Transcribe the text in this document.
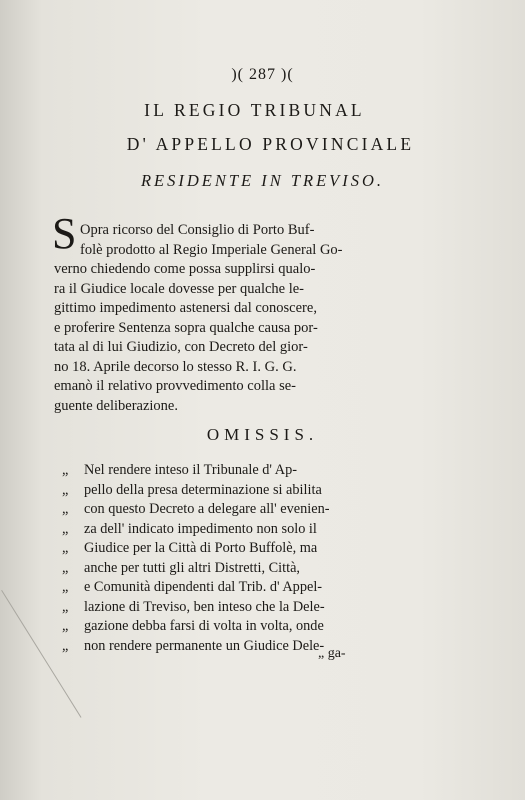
)( 287 )(
IL REGIO TRIBUNAL
D' APPELLO PROVINCIALE
RESIDENTE IN TREVISO.
S Opra ricorso del Consiglio di Porto Buf-
folè prodotto al Regio Imperiale General Go-
verno chiedendo come possa supplirsi qualo-
ra il Giudice locale dovesse per qualche le-
gittimo impedimento astenersi dal conoscere,
e proferire Sentenza sopra qualche causa por-
tata al di lui Giudizio, con Decreto del gior-
no 18. Aprile decorso lo stesso R. I. G. G.
emanò il relativo provvedimento colla se-
guente deliberazione.
OMISSIS.
„	Nel rendere inteso il Tribunale d' Ap-
„	pello della presa determinazione si abilita
„	con questo Decreto a delegare all' evenien-
„	za dell' indicato impedimento non solo il
„	Giudice per la Città di Porto Buffolè, ma
„	anche per tutti gli altri Distretti, Città,
„	e Comunità dipendenti dal Trib. d' Appel-
„	lazione di Treviso, ben inteso che la Dele-
„	gazione debba farsi di volta in volta, onde
„	non rendere permanente un Giudice Dele-
„ ga-
